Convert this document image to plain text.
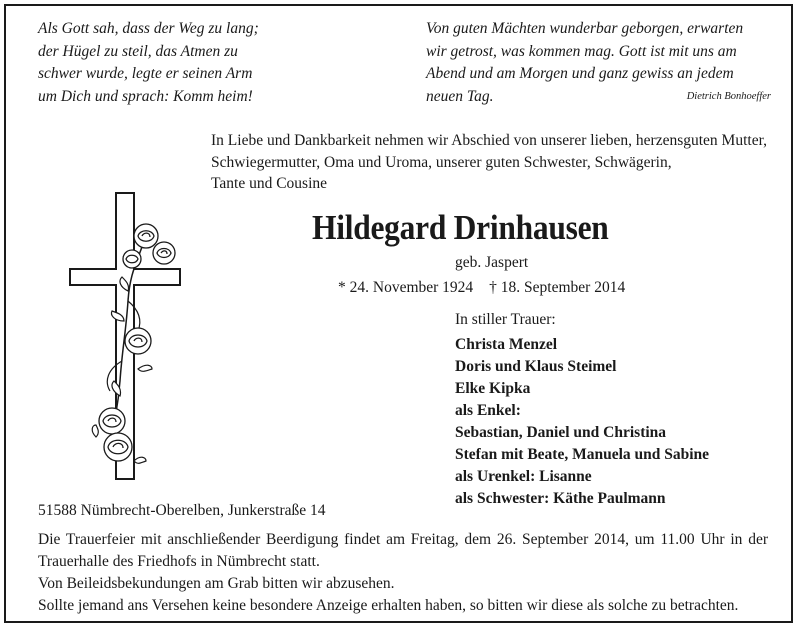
Als Gott sah, dass der Weg zu lang;
der Hügel zu steil, das Atmen zu
schwer wurde, legte er seinen Arm
um Dich und sprach: Komm heim!
Von guten Mächten wunderbar geborgen, erwarten
wir getrost, was kommen mag. Gott ist mit uns am
Abend und am Morgen und ganz gewiss an jedem
neuen Tag.	Dietrich Bonhoeffer
In Liebe und Dankbarkeit nehmen wir Abschied von unserer lieben, herzensguten Mutter, Schwiegermutter, Oma und Uroma, unserer guten Schwester, Schwägerin,
Tante und Cousine
Hildegard Drinhausen
geb. Jaspert
* 24. November 1924 † 18. September 2014
In stiller Trauer:
Christa Menzel
Doris und Klaus Steimel
Elke Kipka
als Enkel:
Sebastian, Daniel und Christina
Stefan mit Beate, Manuela und Sabine
als Urenkel: Lisanne
als Schwester: Käthe Paulmann
51588 Nümbrecht-Oberelben, Junkerstraße 14
Die Trauerfeier mit anschließender Beerdigung findet am Freitag, dem 26. September 2014, um 11.00 Uhr in der Trauerhalle des Friedhofs in Nümbrecht statt.
Von Beileidsbekundungen am Grab bitten wir abzusehen.
Sollte jemand ans Versehen keine besondere Anzeige erhalten haben, so bitten wir diese als solche zu betrachten.
